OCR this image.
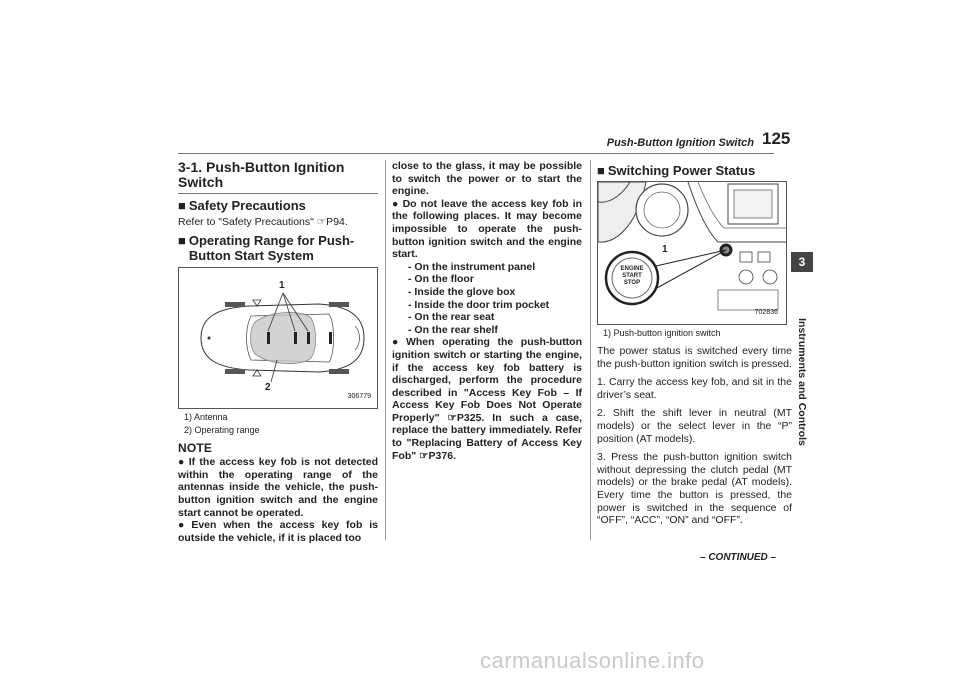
Push-Button Ignition Switch 125
3
Instruments and Controls
3-1. Push-Button Ignition Switch
■ Safety Precautions
Refer to "Safety Precautions" ☞P94.
■ Operating Range for Push-Button Start System
1
2
306779
1) Antenna
2) Operating range
NOTE
● If the access key fob is not detected within the operating range of the antennas inside the vehicle, the push-button ignition switch and the engine start cannot be operated.
● Even when the access key fob is outside the vehicle, if it is placed too
close to the glass, it may be possible to switch the power or to start the engine.
● Do not leave the access key fob in the following places. It may become impossible to operate the push-button ignition switch and the engine start.
- On the instrument panel
- On the floor
- Inside the glove box
- Inside the door trim pocket
- On the rear seat
- On the rear shelf
● When operating the push-button ignition switch or starting the engine, if the access key fob battery is discharged, perform the procedure described in "Access Key Fob – If Access Key Fob Does Not Operate Properly" ☞P325. In such a case, replace the battery immediately. Refer to "Replacing Battery of Access Key Fob" ☞P376.
■ Switching Power Status
ENGINE
START
STOP
1
702836
1) Push-button ignition switch
The power status is switched every time the push-button ignition switch is pressed.
1. Carry the access key fob, and sit in the driver’s seat.
2. Shift the shift lever in neutral (MT models) or the select lever in the “P” position (AT models).
3. Press the push-button ignition switch without depressing the clutch pedal (MT models) or the brake pedal (AT models). Every time the button is pressed, the power is switched in the sequence of “OFF”, “ACC”, “ON” and “OFF”.
– CONTINUED –
carmanualsonline.info
